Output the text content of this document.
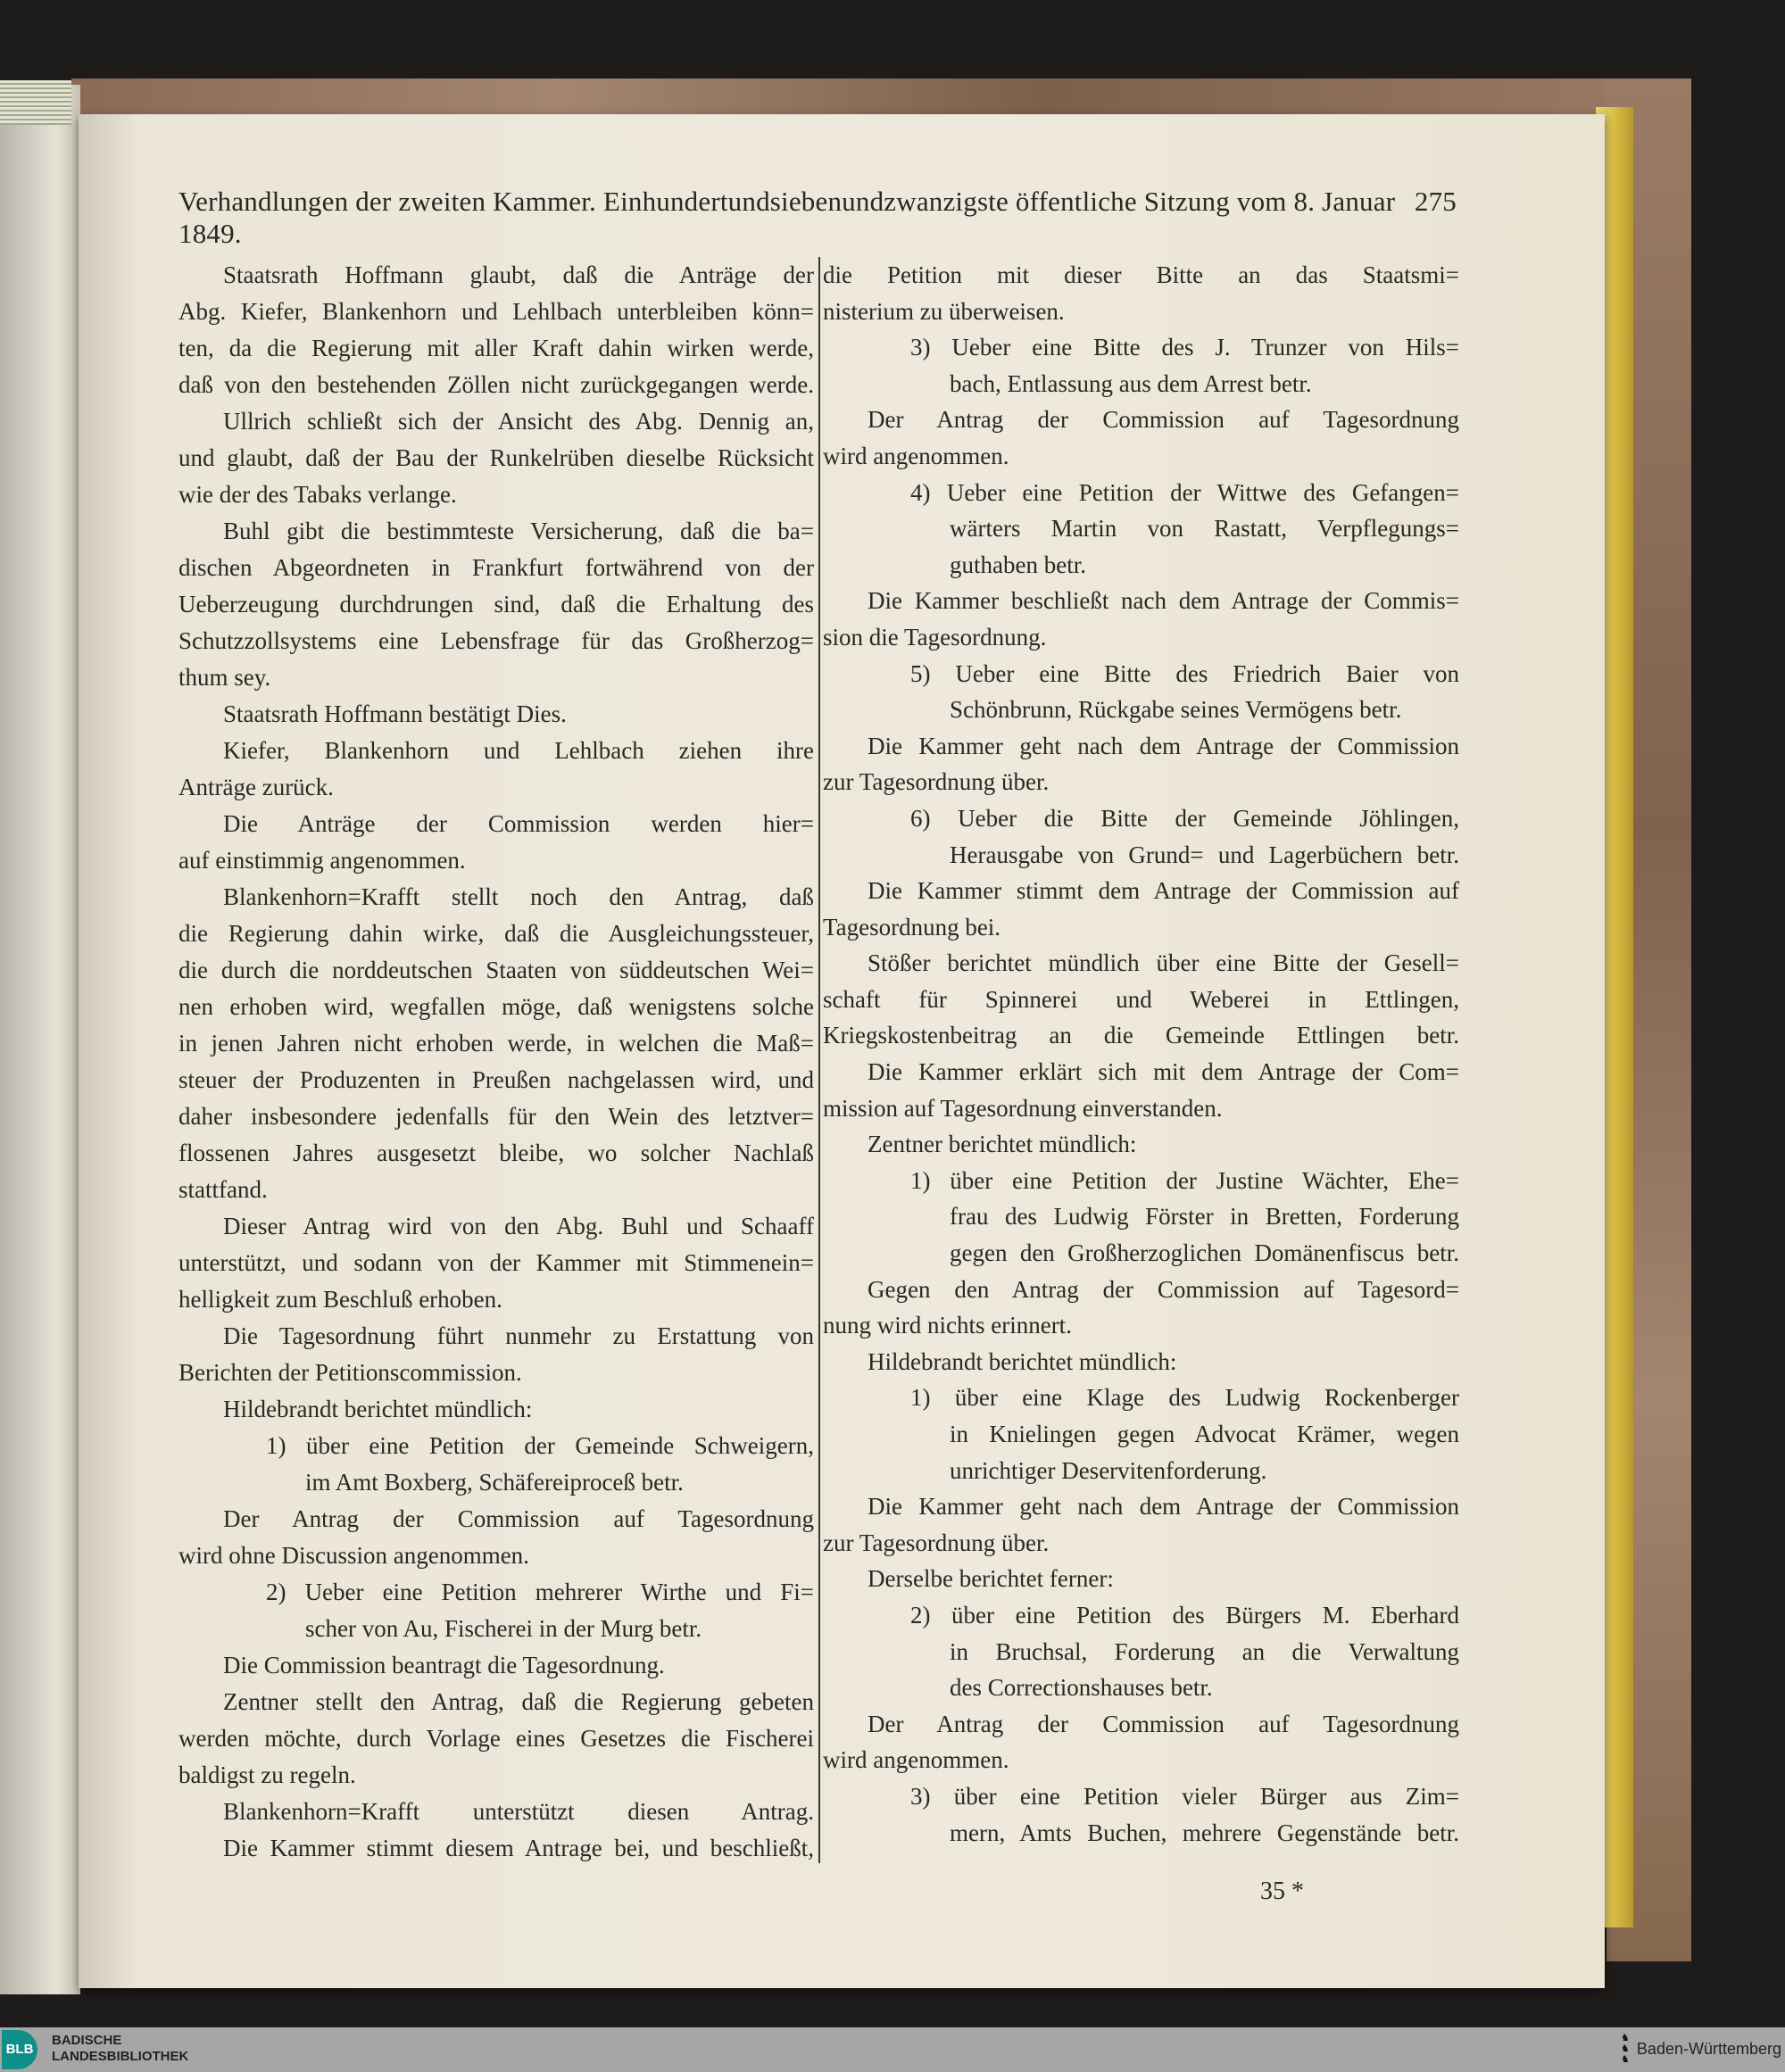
Verhandlungen der zweiten Kammer. Einhundertundsiebenundzwanzigste öffentliche Sitzung vom 8. Januar 1849.
275
Staatsrath Hoffmann glaubt, daß die Anträge der
Abg. Kiefer, Blankenhorn und Lehlbach unterbleiben könn=
ten, da die Regierung mit aller Kraft dahin wirken werde,
daß von den bestehenden Zöllen nicht zurückgegangen werde.
Ullrich schließt sich der Ansicht des Abg. Dennig an,
und glaubt, daß der Bau der Runkelrüben dieselbe Rücksicht
wie der des Tabaks verlange.
Buhl gibt die bestimmteste Versicherung, daß die ba=
dischen Abgeordneten in Frankfurt fortwährend von der
Ueberzeugung durchdrungen sind, daß die Erhaltung des
Schutzzollsystems eine Lebensfrage für das Großherzog=
thum sey.
Staatsrath Hoffmann bestätigt Dies.
Kiefer, Blankenhorn und Lehlbach ziehen ihre
Anträge zurück.
Die Anträge der Commission werden hier=
auf einstimmig angenommen.
Blankenhorn=Krafft stellt noch den Antrag, daß
die Regierung dahin wirke, daß die Ausgleichungssteuer,
die durch die norddeutschen Staaten von süddeutschen Wei=
nen erhoben wird, wegfallen möge, daß wenigstens solche
in jenen Jahren nicht erhoben werde, in welchen die Maß=
steuer der Produzenten in Preußen nachgelassen wird, und
daher insbesondere jedenfalls für den Wein des letztver=
flossenen Jahres ausgesetzt bleibe, wo solcher Nachlaß
stattfand.
Dieser Antrag wird von den Abg. Buhl und Schaaff
unterstützt, und sodann von der Kammer mit Stimmenein=
helligkeit zum Beschluß erhoben.
Die Tagesordnung führt nunmehr zu Erstattung von
Berichten der Petitionscommission.
Hildebrandt berichtet mündlich:
1) über eine Petition der Gemeinde Schweigern,
im Amt Boxberg, Schäfereiproceß betr.
Der Antrag der Commission auf Tagesordnung
wird ohne Discussion angenommen.
2) Ueber eine Petition mehrerer Wirthe und Fi=
scher von Au, Fischerei in der Murg betr.
Die Commission beantragt die Tagesordnung.
Zentner stellt den Antrag, daß die Regierung gebeten
werden möchte, durch Vorlage eines Gesetzes die Fischerei
baldigst zu regeln.
Blankenhorn=Krafft unterstützt diesen Antrag.
Die Kammer stimmt diesem Antrage bei, und beschließt,
die Petition mit dieser Bitte an das Staatsmi=
nisterium zu überweisen.
3) Ueber eine Bitte des J. Trunzer von Hils=
bach, Entlassung aus dem Arrest betr.
Der Antrag der Commission auf Tagesordnung
wird angenommen.
4) Ueber eine Petition der Wittwe des Gefangen=
wärters Martin von Rastatt, Verpflegungs=
guthaben betr.
Die Kammer beschließt nach dem Antrage der Commis=
sion die Tagesordnung.
5) Ueber eine Bitte des Friedrich Baier von
Schönbrunn, Rückgabe seines Vermögens betr.
Die Kammer geht nach dem Antrage der Commission
zur Tagesordnung über.
6) Ueber die Bitte der Gemeinde Jöhlingen,
Herausgabe von Grund= und Lagerbüchern betr.
Die Kammer stimmt dem Antrage der Commission auf
Tagesordnung bei.
Stößer berichtet mündlich über eine Bitte der Gesell=
schaft für Spinnerei und Weberei in Ettlingen,
Kriegskostenbeitrag an die Gemeinde Ettlingen betr.
Die Kammer erklärt sich mit dem Antrage der Com=
mission auf Tagesordnung einverstanden.
Zentner berichtet mündlich:
1) über eine Petition der Justine Wächter, Ehe=
frau des Ludwig Förster in Bretten, Forderung
gegen den Großherzoglichen Domänenfiscus betr.
Gegen den Antrag der Commission auf Tagesord=
nung wird nichts erinnert.
Hildebrandt berichtet mündlich:
1) über eine Klage des Ludwig Rockenberger
in Knielingen gegen Advocat Krämer, wegen
unrichtiger Deservitenforderung.
Die Kammer geht nach dem Antrage der Commission
zur Tagesordnung über.
Derselbe berichtet ferner:
2) über eine Petition des Bürgers M. Eberhard
in Bruchsal, Forderung an die Verwaltung
des Correctionshauses betr.
Der Antrag der Commission auf Tagesordnung
wird angenommen.
3) über eine Petition vieler Bürger aus Zim=
mern, Amts Buchen, mehrere Gegenstände betr.
35 *
BLB
BADISCHE
LANDESBIBLIOTHEK
♞
♞
♞
Baden-Württemberg
